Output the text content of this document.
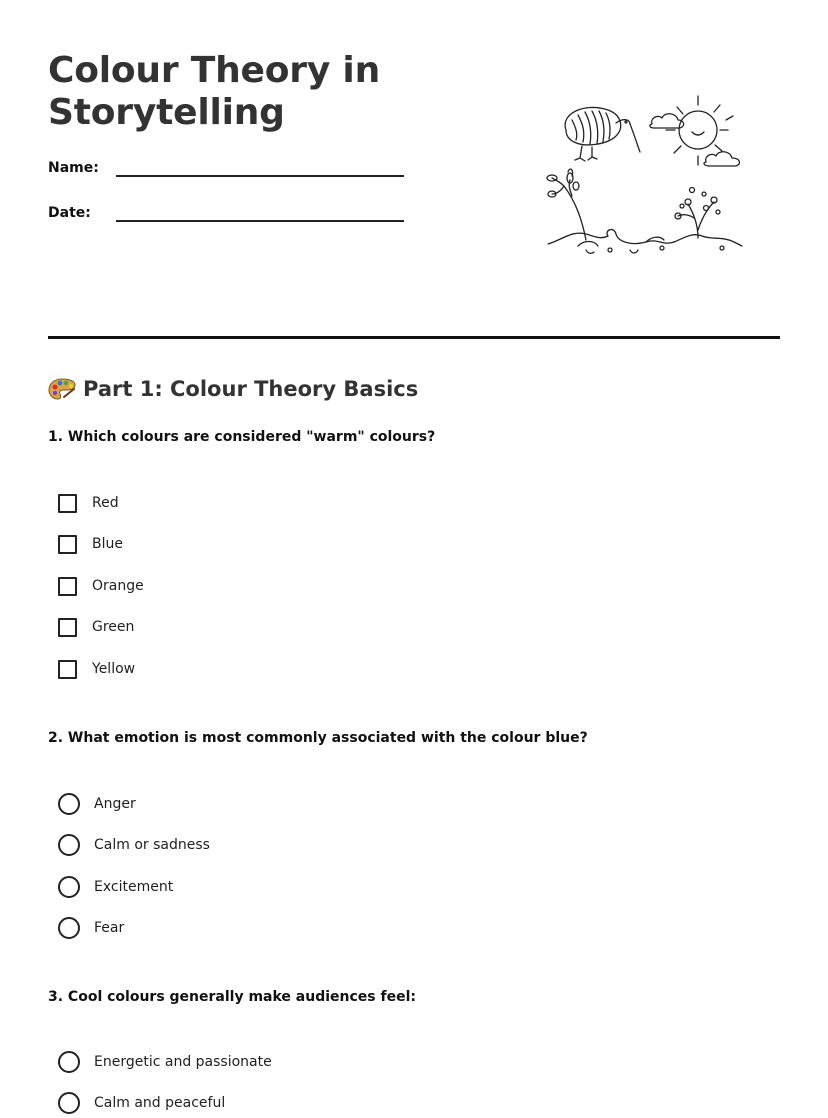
Colour Theory in Storytelling
Name:
Date:
Part 1: Colour Theory Basics

1. Which colours are considered "warm" colours?

Red
Blue
Orange
Green
Yellow

2. What emotion is most commonly associated with the colour blue?

Anger
Calm or sadness
Excitement
Fear

3. Cool colours generally make audiences feel:

Energetic and passionate
Calm and peaceful
